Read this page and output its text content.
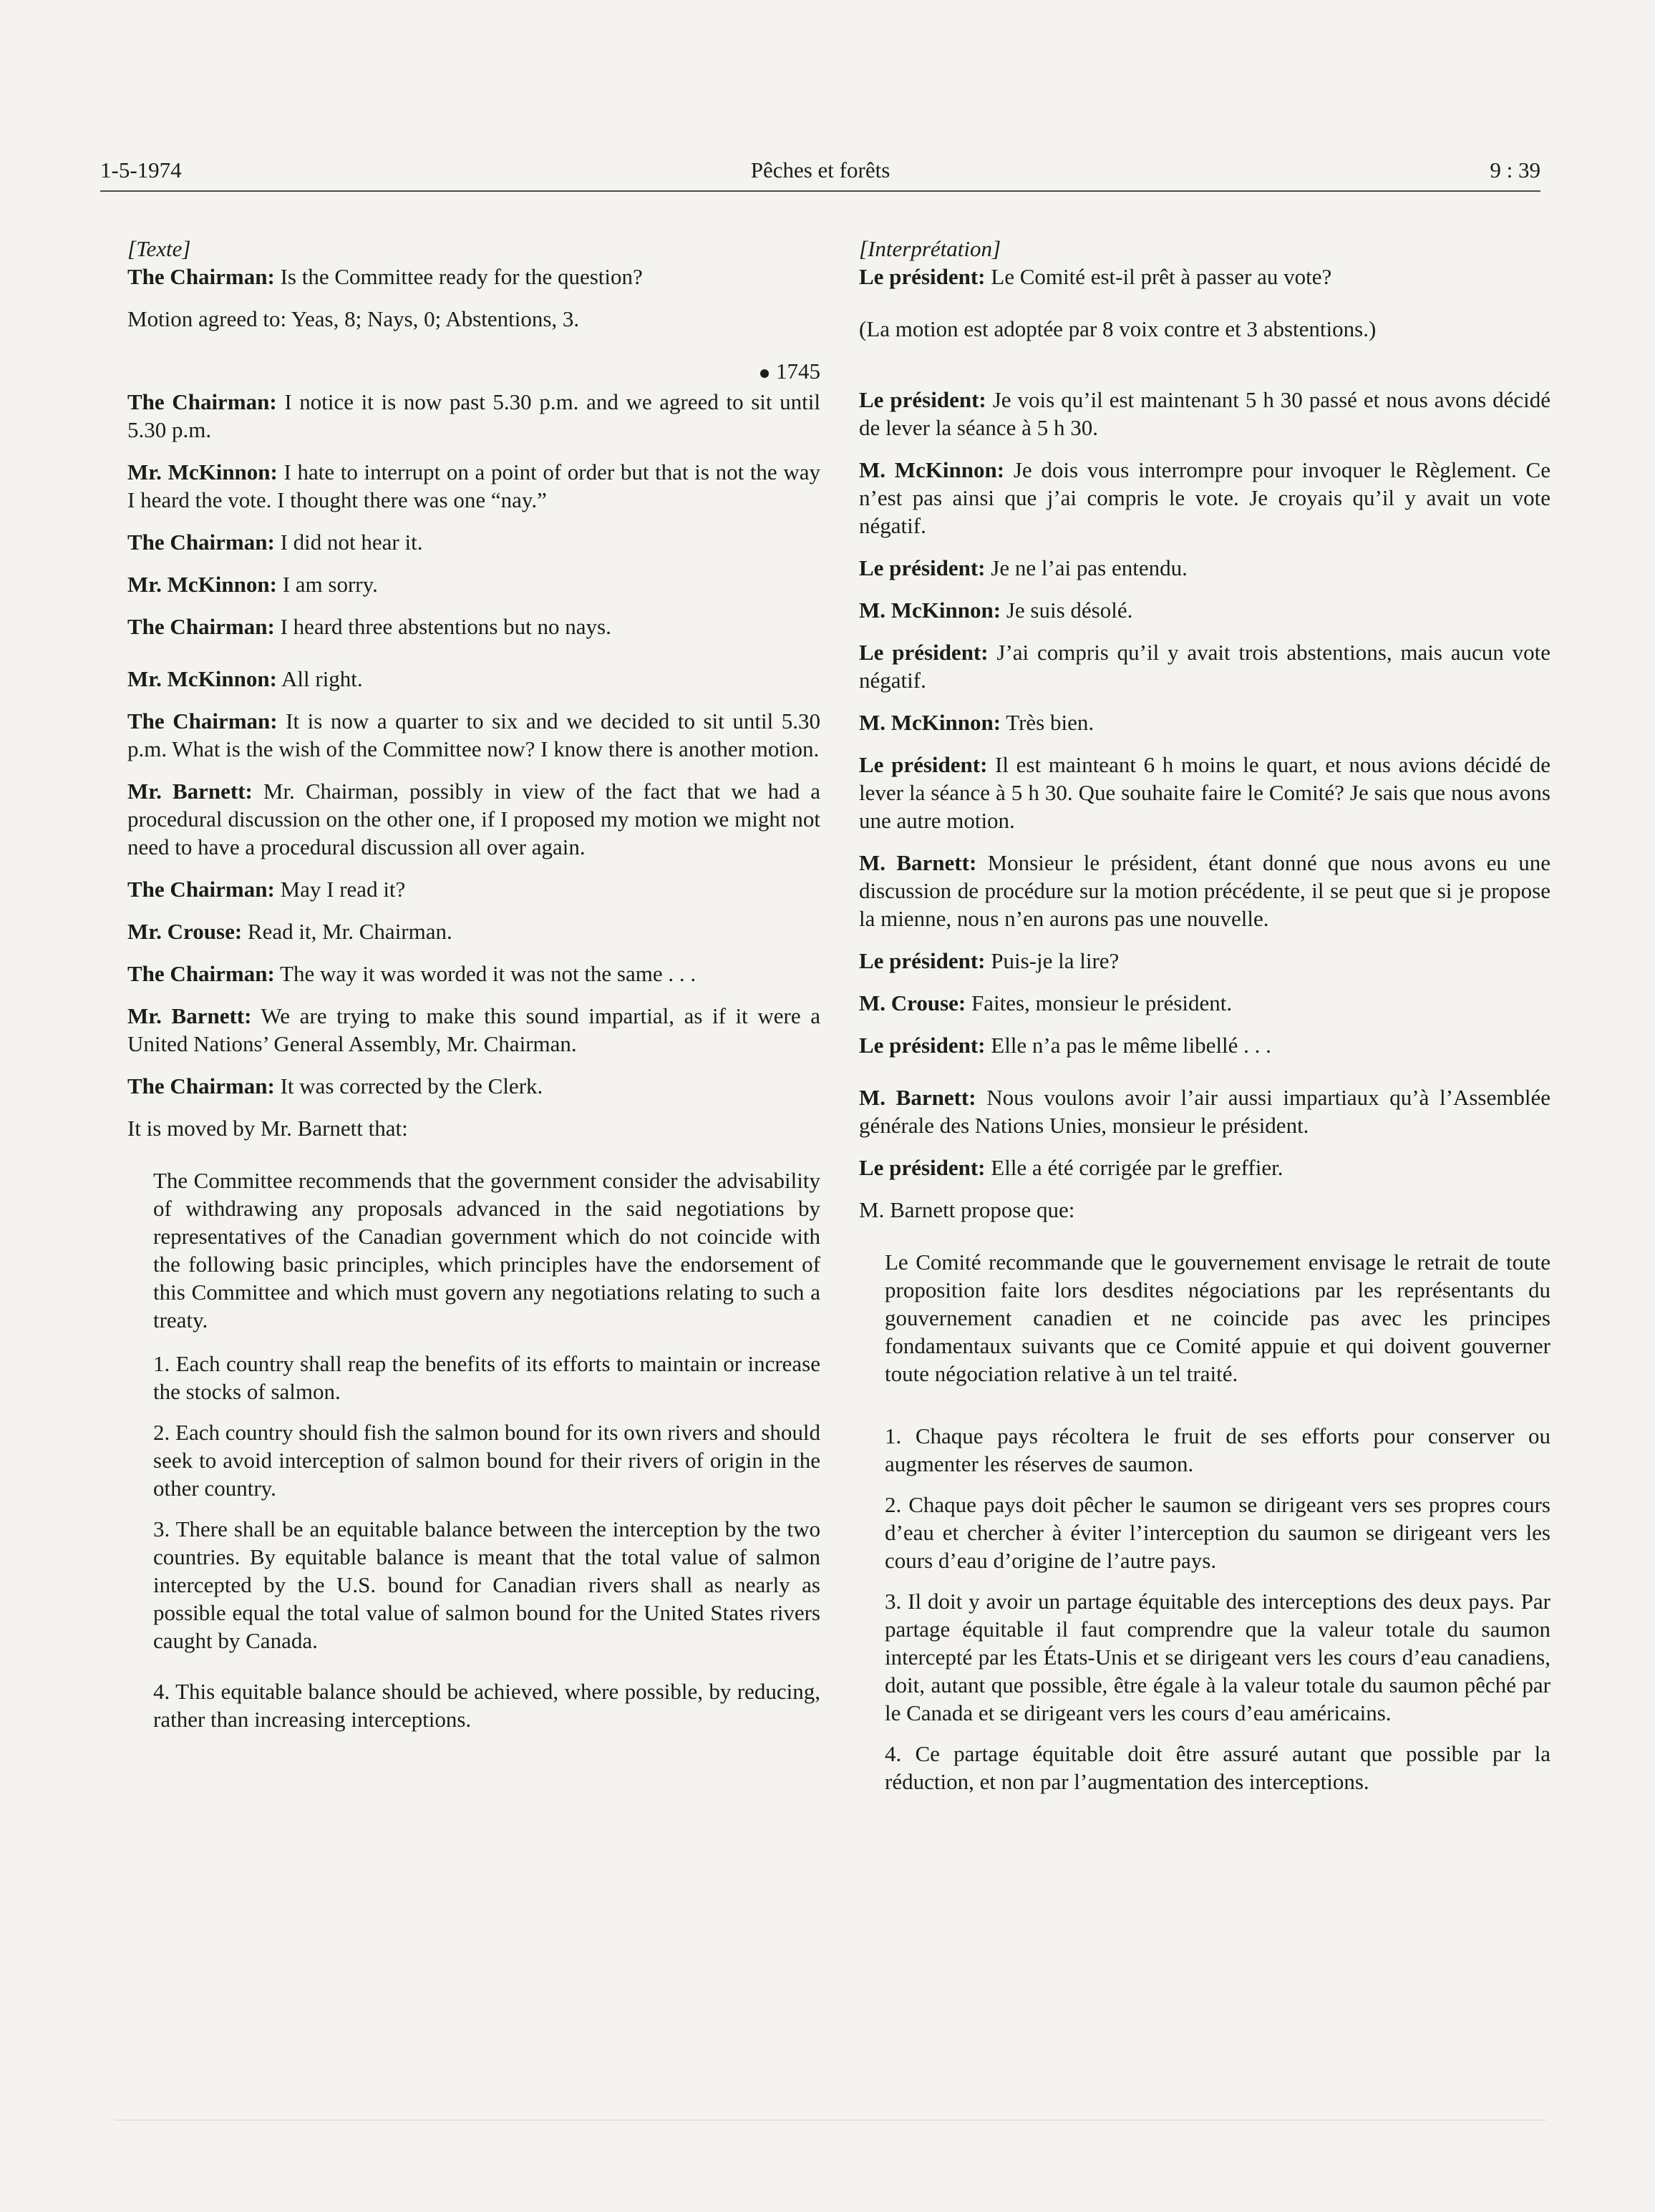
1-5-1974	Pêches et forêts	9 : 39

[Texte]

The Chairman: Is the Committee ready for the question?

Motion agreed to: Yeas, 8; Nays, 0; Abstentions, 3.

1745

The Chairman: I notice it is now past 5.30 p.m. and we agreed to sit until 5.30 p.m.

Mr. McKinnon: I hate to interrupt on a point of order but that is not the way I heard the vote. I thought there was one “nay.”

The Chairman: I did not hear it.

Mr. McKinnon: I am sorry.

The Chairman: I heard three abstentions but no nays.

Mr. McKinnon: All right.

The Chairman: It is now a quarter to six and we decided to sit until 5.30 p.m. What is the wish of the Committee now? I know there is another motion.

Mr. Barnett: Mr. Chairman, possibly in view of the fact that we had a procedural discussion on the other one, if I proposed my motion we might not need to have a procedural discussion all over again.

The Chairman: May I read it?

Mr. Crouse: Read it, Mr. Chairman.

The Chairman: The way it was worded it was not the same . . .

Mr. Barnett: We are trying to make this sound impartial, as if it were a United Nations’ General Assembly, Mr. Chairman.

The Chairman: It was corrected by the Clerk.

It is moved by Mr. Barnett that:

The Committee recommends that the government consider the advisability of withdrawing any proposals advanced in the said negotiations by representatives of the Canadian government which do not coincide with the following basic principles, which principles have the endorsement of this Committee and which must govern any negotiations relating to such a treaty.

1. Each country shall reap the benefits of its efforts to maintain or increase the stocks of salmon.

2. Each country should fish the salmon bound for its own rivers and should seek to avoid interception of salmon bound for their rivers of origin in the other country.

3. There shall be an equitable balance between the interception by the two countries. By equitable balance is meant that the total value of salmon intercepted by the U.S. bound for Canadian rivers shall as nearly as possible equal the total value of salmon bound for the United States rivers caught by Canada.

4. This equitable balance should be achieved, where possible, by reducing, rather than increasing interceptions.

[Interprétation]

Le président: Le Comité est-il prêt à passer au vote?

(La motion est adoptée par 8 voix contre et 3 abstentions.)

Le président: Je vois qu’il est maintenant 5 h 30 passé et nous avons décidé de lever la séance à 5 h 30.

M. McKinnon: Je dois vous interrompre pour invoquer le Règlement. Ce n’est pas ainsi que j’ai compris le vote. Je croyais qu’il y avait un vote négatif.

Le président: Je ne l’ai pas entendu.

M. McKinnon: Je suis désolé.

Le président: J’ai compris qu’il y avait trois abstentions, mais aucun vote négatif.

M. McKinnon: Très bien.

Le président: Il est mainteant 6 h moins le quart, et nous avions décidé de lever la séance à 5 h 30. Que souhaite faire le Comité? Je sais que nous avons une autre motion.

M. Barnett: Monsieur le président, étant donné que nous avons eu une discussion de procédure sur la motion précédente, il se peut que si je propose la mienne, nous n’en aurons pas une nouvelle.

Le président: Puis-je la lire?

M. Crouse: Faites, monsieur le président.

Le président: Elle n’a pas le même libellé . . .

M. Barnett: Nous voulons avoir l’air aussi impartiaux qu’à l’Assemblée générale des Nations Unies, monsieur le président.

Le président: Elle a été corrigée par le greffier.

M. Barnett propose que:

Le Comité recommande que le gouvernement envisage le retrait de toute proposition faite lors desdites négociations par les représentants du gouvernement canadien et ne coincide pas avec les principes fondamentaux suivants que ce Comité appuie et qui doivent gouverner toute négociation relative à un tel traité.

1. Chaque pays récoltera le fruit de ses efforts pour conserver ou augmenter les réserves de saumon.

2. Chaque pays doit pêcher le saumon se dirigeant vers ses propres cours d’eau et chercher à éviter l’interception du saumon se dirigeant vers les cours d’eau d’origine de l’autre pays.

3. Il doit y avoir un partage équitable des interceptions des deux pays. Par partage équitable il faut comprendre que la valeur totale du saumon intercepté par les États-Unis et se dirigeant vers les cours d’eau canadiens, doit, autant que possible, être égale à la valeur totale du saumon pêché par le Canada et se dirigeant vers les cours d’eau américains.

4. Ce partage équitable doit être assuré autant que possible par la réduction, et non par l’augmentation des interceptions.
